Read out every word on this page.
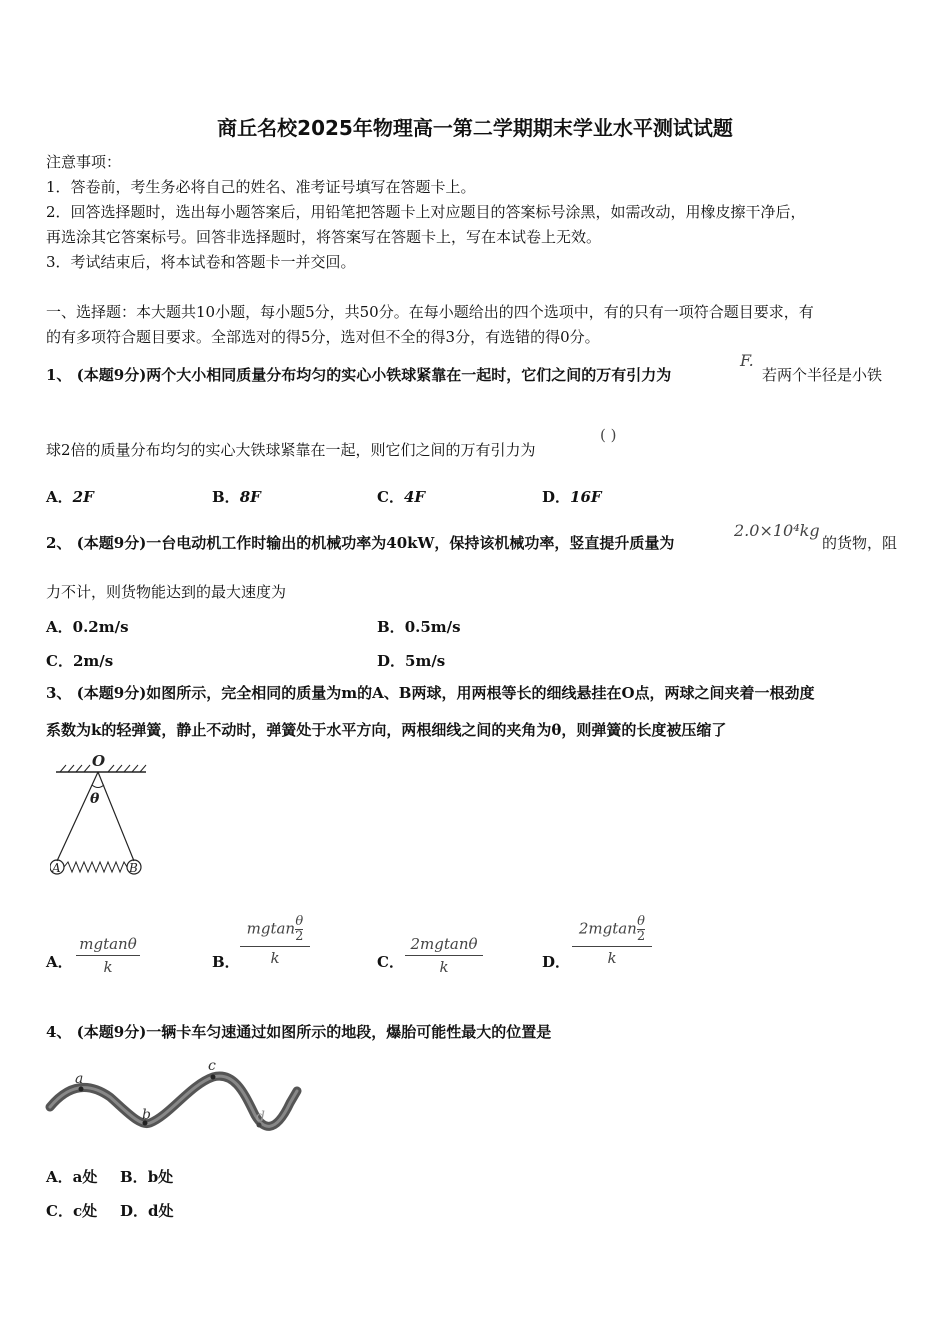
商丘名校2025年物理高一第二学期期末学业水平测试试题
注意事项：
1．答卷前，考生务必将自己的姓名、准考证号填写在答题卡上。
2．回答选择题时，选出每小题答案后，用铅笔把答题卡上对应题目的答案标号涂黑，如需改动，用橡皮擦干净后，
再选涂其它答案标号。回答非选择题时，将答案写在答题卡上，写在本试卷上无效。
3．考试结束后，将本试卷和答题卡一并交回。
一、选择题：本大题共10小题，每小题5分，共50分。在每小题给出的四个选项中，有的只有一项符合题目要求，有
的有多项符合题目要求。全部选对的得5分，选对但不全的得3分，有选错的得0分。
1、 (本题9分)两个大小相同质量分布均匀的实心小铁球紧靠在一起时，它们之间的万有引力为
F.
若两个半径是小铁
球2倍的质量分布均匀的实心大铁球紧靠在一起，则它们之间的万有引力为
( )
A．2F	B．8F	C．4F	D．16F
2、 (本题9分)一台电动机工作时输出的机械功率为40kW，保持该机械功率，竖直提升质量为
2.0×10⁴kg
的货物，阻
力不计，则货物能达到的最大速度为
A．0.2m/s	B．0.5m/s
C．2m/s	D．5m/s
3、 (本题9分)如图所示，完全相同的质量为m的A、B两球，用两根等长的细线悬挂在O点，两球之间夹着一根劲度
系数为k的轻弹簧，静止不动时，弹簧处于水平方向，两根细线之间的夹角为θ，则弹簧的长度被压缩了
O
θ
A	B
A．
mgtanθ
k	B．
mgtan $\frac{\theta}{2}$
k	C．
2mgtanθ
k	D．
$2mgtan \frac{\theta}{2}$
k
4、 (本题9分)一辆卡车匀速通过如图所示的地段，爆胎可能性最大的位置是
a
b
c
d
A．a处 B．b处
C．c处 D．d处
